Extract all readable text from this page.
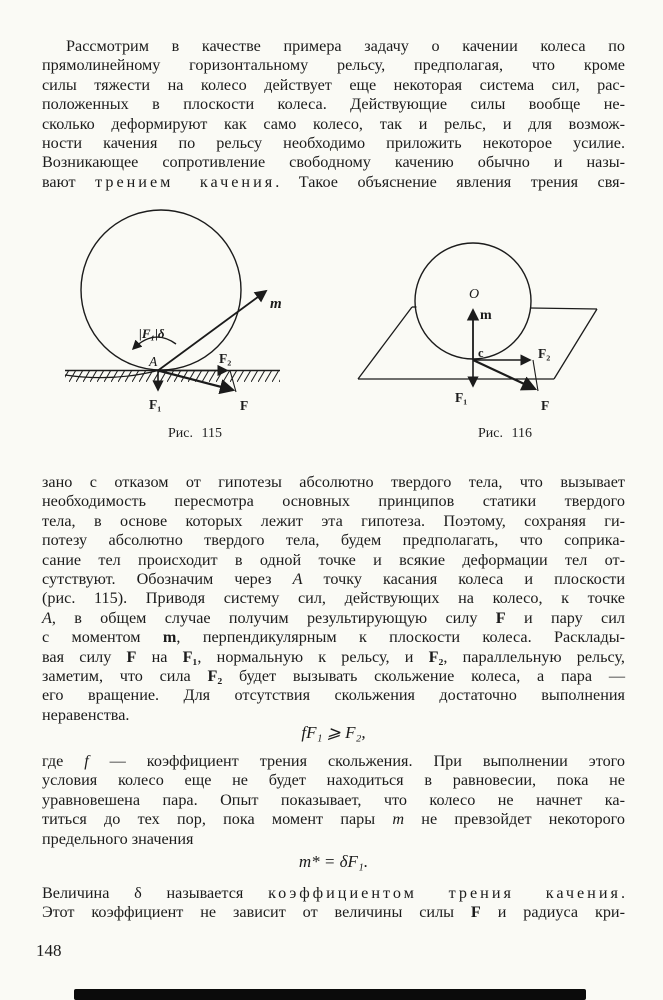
Рассмотрим в качестве примера задачу о качении колеса по
прямолинейному горизонтальному рельсу, предполагая, что кроме
силы тяжести на колесо действует еще некоторая система сил, рас-
положенных в плоскости колеса. Действующие силы вообще не-
сколько деформируют как само колесо, так и рельс, и для возмож-
ности качения по рельсу необходимо приложить некоторое усилие.
Возникающее сопротивление свободному качению обычно и назы-
вают трением качения. Такое объяснение явления трения свя-
m
|F₁|δ
A	F₂
F₁	F
Рис. 115
O
m
c	F₂
F₁
F
Рис. 116
зано с отказом от гипотезы абсолютно твердого тела, что вызывает
необходимость пересмотра основных принципов статики твердого
тела, в основе которых лежит эта гипотеза. Поэтому, сохраняя ги-
потезу абсолютно твердого тела, будем предполагать, что соприка-
сание тел происходит в одной точке и всякие деформации тел от-
сутствуют. Обозначим через А точку касания колеса и плоскости
(рис. 115). Приводя систему сил, действующих на колесо, к точке
А, в общем случае получим результирующую силу F и пару сил
с моментом m, перпендикулярным к плоскости колеса. Расклады-
вая силу F на F₁, нормальную к рельсу, и F₂, параллельную рельсу,
заметим, что сила F₂ будет вызывать скольжение колеса, а пара —
его вращение. Для отсутствия скольжения достаточно выполнения
неравенства.
fF₁ ⩾ F₂,
где f — коэффициент трения скольжения. При выполнении этого
условия колесо еще не будет находиться в равновесии, пока не
уравновешена пара. Опыт показывает, что колесо не начнет ка-
титься до тех пор, пока момент пары m не превзойдет некоторого
предельного значения
m* = δF₁.
Величина δ называется коэффициентом трения качения.
Этот коэффициент не зависит от величины силы F и радиуса кри-
148
